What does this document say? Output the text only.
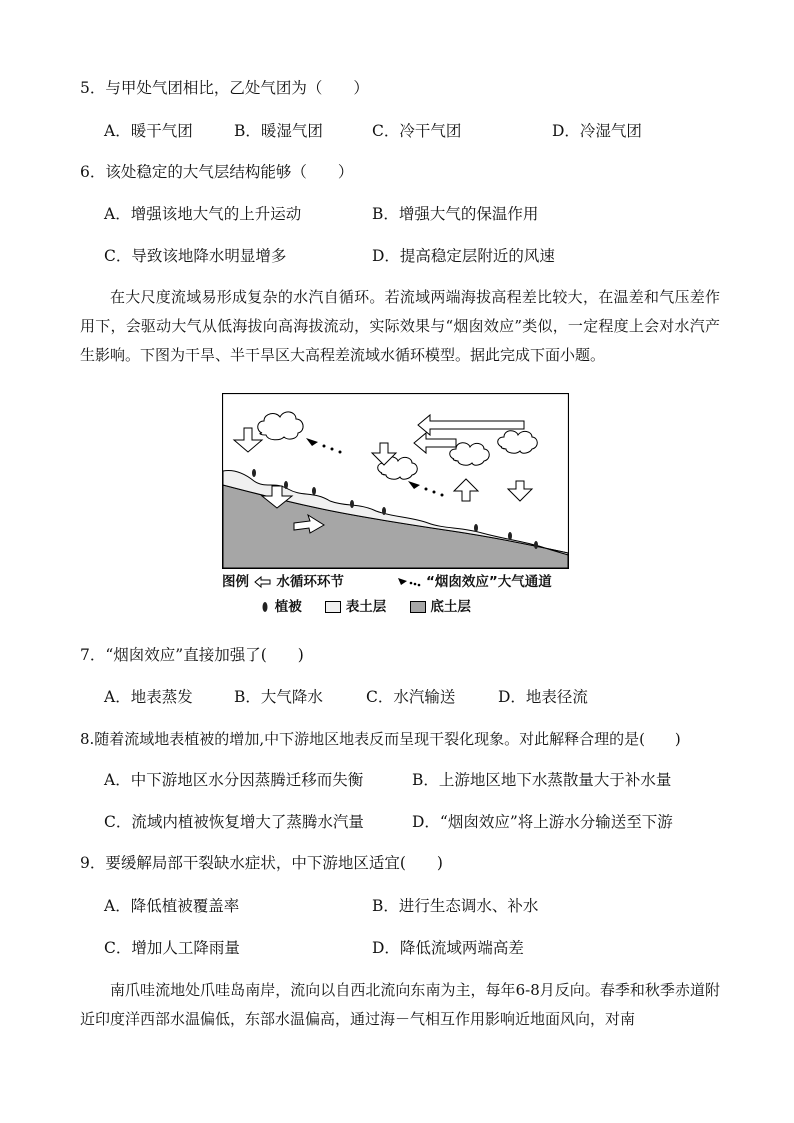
5．与甲处气团相比，乙处气团为（　　）
A．暖干气团	B．暖湿气团	C．冷干气团	D．冷湿气团
6．该处稳定的大气层结构能够（　　）
A．增强该地大气的上升运动	B．增强大气的保温作用
C．导致该地降水明显增多	D．提高稳定层附近的风速
在大尺度流域易形成复杂的水汽自循环。若流域两端海拔高程差比较大，在温差和气压差作用下，会驱动大气从低海拔向高海拔流动，实际效果与“烟囱效应”类似，一定程度上会对水汽产生影响。下图为干旱、半干旱区大高程差流域水循环模型。据此完成下面小题。
图例 水循环环节	“烟囱效应”大气通道
植被	表土层	底土层
7．“烟囱效应”直接加强了(　　)
A．地表蒸发	B．大气降水	C．水汽输送	D．地表径流
8.随着流域地表植被的增加,中下游地区地表反而呈现干裂化现象。对此解释合理的是(　　)
A．中下游地区水分因蒸腾迁移而失衡	B．上游地区地下水蒸散量大于补水量
C．流域内植被恢复增大了蒸腾水汽量	D．“烟囱效应”将上游水分输送至下游
9．要缓解局部干裂缺水症状，中下游地区适宜(　　)
A．降低植被覆盖率	B．进行生态调水、补水
C．增加人工降雨量	D．降低流域两端高差
南爪哇流地处爪哇岛南岸，流向以自西北流向东南为主，每年6-8月反向。春季和秋季赤道附近印度洋西部水温偏低，东部水温偏高，通过海－气相互作用影响近地面风向，对南
